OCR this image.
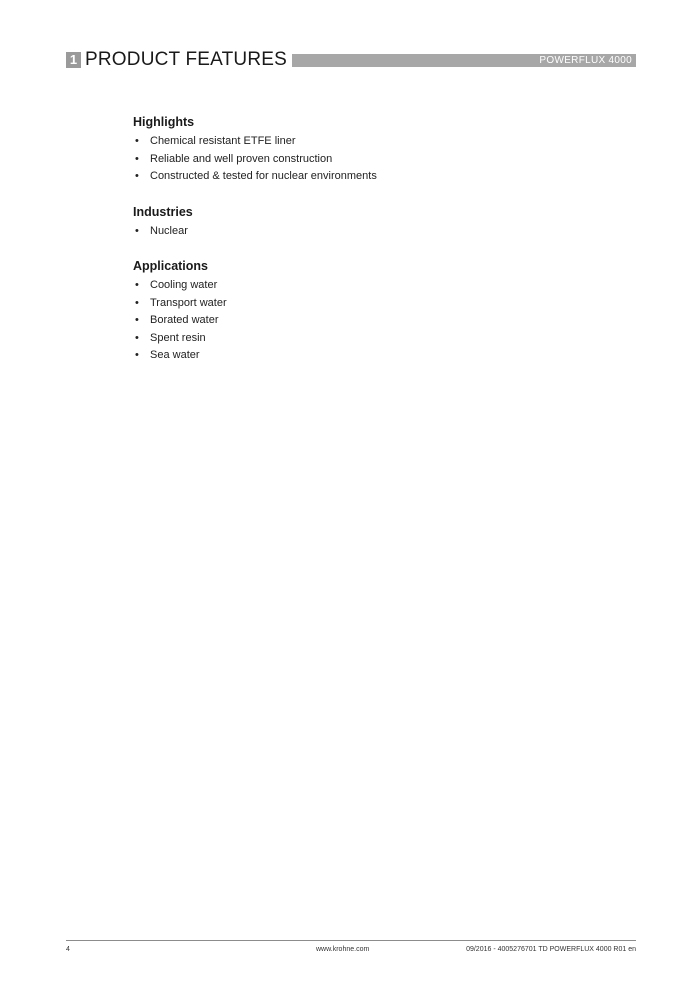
1 PRODUCT FEATURES	POWERFLUX 4000
Highlights
• Chemical resistant ETFE liner
• Reliable and well proven construction
• Constructed & tested for nuclear environments
Industries
• Nuclear
Applications
• Cooling water
• Transport water
• Borated water
• Spent resin
• Sea water
4	www.krohne.com	09/2016 - 4005276701 TD POWERFLUX 4000 R01 en
